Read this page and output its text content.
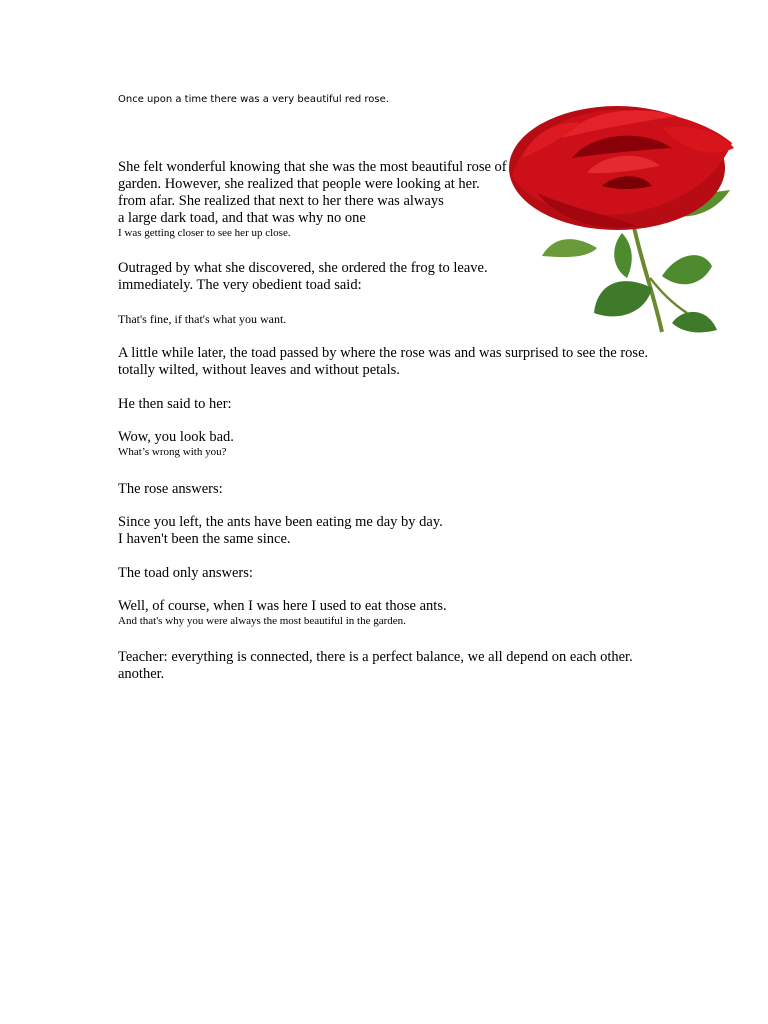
Once upon a time there was a very beautiful red rose.

She felt wonderful knowing that she was the most beautiful rose of

garden. However, she realized that people were looking at her.

from afar. She realized that next to her there was always

a large dark toad, and that was why no one

I was getting closer to see her up close.

Outraged by what she discovered, she ordered the frog to leave.

immediately. The very obedient toad said:

That's fine, if that's what you want.

A little while later, the toad passed by where the rose was and was surprised to see the rose.

totally wilted, without leaves and without petals.

He then said to her:

Wow, you look bad.

What’s wrong with you?

The rose answers:

Since you left, the ants have been eating me day by day.

I haven't been the same since.

The toad only answers:

Well, of course, when I was here I used to eat those ants.

And that's why you were always the most beautiful in the garden.

Teacher: everything is connected, there is a perfect balance, we all depend on each other.

another.
